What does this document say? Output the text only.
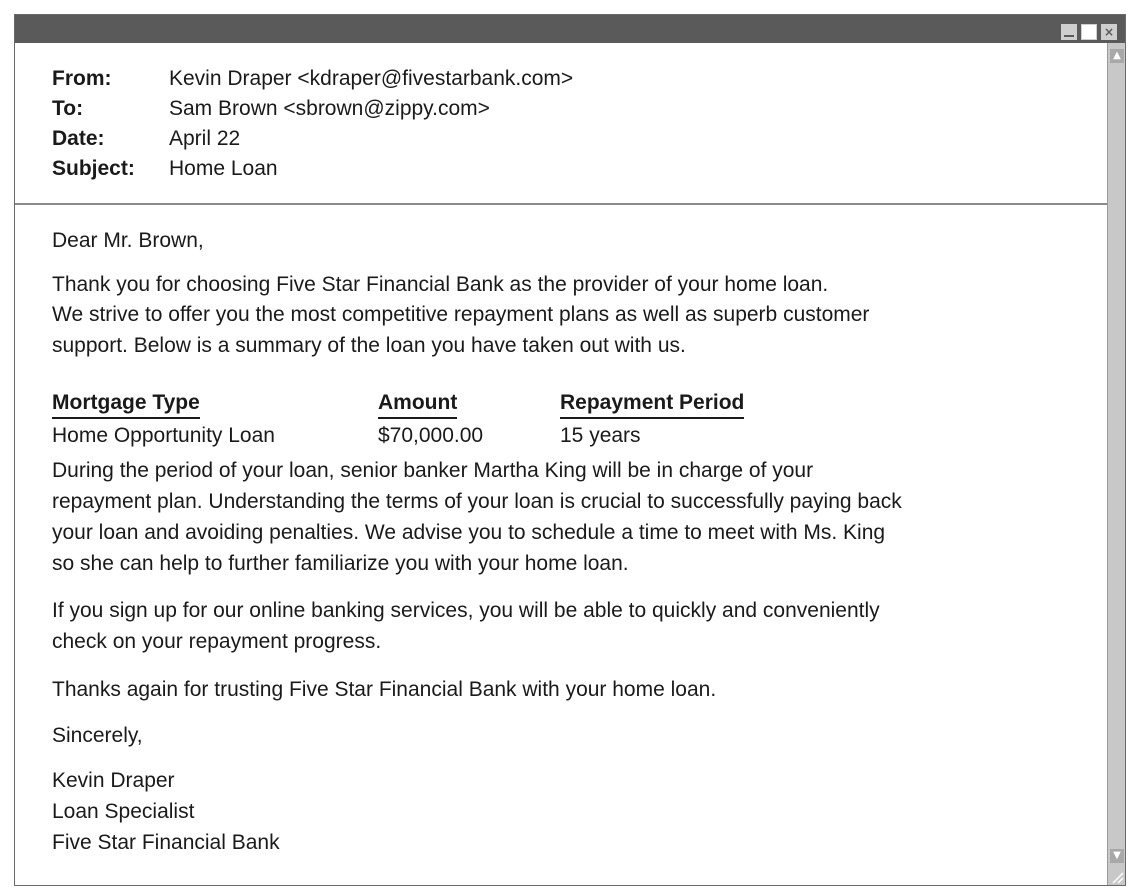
×
From:	Kevin Draper <kdraper@fivestarbank.com>
To:	Sam Brown <sbrown@zippy.com>
Date:	April 22
Subject: Home Loan
Dear Mr. Brown,
Thank you for choosing Five Star Financial Bank as the provider of your home loan.
We strive to offer you the most competitive repayment plans as well as superb customer
support. Below is a summary of the loan you have taken out with us.
During the period of your loan, senior banker Martha King will be in charge of your
repayment plan. Understanding the terms of your loan is crucial to successfully paying back
your loan and avoiding penalties. We advise you to schedule a time to meet with Ms. King
so she can help to further familiarize you with your home loan.
If you sign up for our online banking services, you will be able to quickly and conveniently
check on your repayment progress.
Thanks again for trusting Five Star Financial Bank with your home loan.
Sincerely,
Kevin Draper
Loan Specialist
Five Star Financial Bank
Mortgage Type	Amount	Repayment Period
Home Opportunity Loan	$70,000.00	15 years
▲
▼
